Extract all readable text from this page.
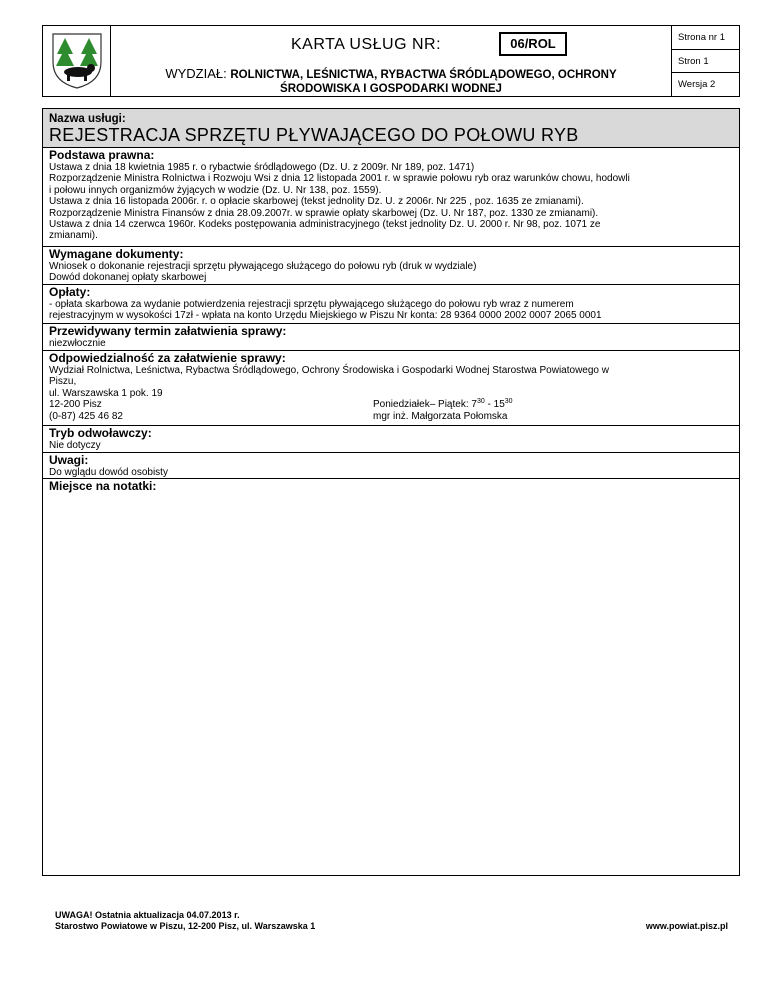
KARTA USŁUG NR:	06/ROL
WYDZIAŁ: ROLNICTWA, LEŚNICTWA, RYBACTWA ŚRÓDLĄDOWEGO, OCHRONY
ŚRODOWISKA I GOSPODARKI WODNEJ
Strona nr 1
Stron 1
Wersja 2
Nazwa usługi:
REJESTRACJA SPRZĘTU PŁYWAJĄCEGO DO POŁOWU RYB
Podstawa prawna:
Ustawa z dnia 18 kwietnia 1985 r. o rybactwie śródlądowego (Dz. U. z 2009r. Nr 189, poz. 1471)
Rozporządzenie Ministra Rolnictwa i Rozwoju Wsi z dnia 12 listopada 2001 r. w sprawie połowu ryb oraz warunków chowu, hodowli
i połowu innych organizmów żyjących w wodzie (Dz. U. Nr 138, poz. 1559).
Ustawa z dnia 16 listopada 2006r. r. o opłacie skarbowej (tekst jednolity Dz. U. z 2006r. Nr 225 , poz. 1635 ze zmianami).
Rozporządzenie Ministra Finansów z dnia 28.09.2007r. w sprawie opłaty skarbowej (Dz. U. Nr 187, poz. 1330 ze zmianami).
Ustawa z dnia 14 czerwca 1960r. Kodeks postępowania administracyjnego (tekst jednolity Dz. U. 2000 r. Nr 98, poz. 1071 ze
zmianami).
Wymagane dokumenty:
Wniosek o dokonanie rejestracji sprzętu pływającego służącego do połowu ryb (druk w wydziale)
Dowód dokonanej opłaty skarbowej
Opłaty:
- opłata skarbowa za wydanie potwierdzenia rejestracji sprzętu pływającego służącego do połowu ryb wraz z numerem
rejestracyjnym w wysokości 17zł - wpłata na konto Urzędu Miejskiego w Piszu Nr konta: 28 9364 0000 2002 0007 2065 0001
Przewidywany termin załatwienia sprawy:
niezwłocznie
Odpowiedzialność za załatwienie sprawy:
Wydział Rolnictwa, Leśnictwa, Rybactwa Śródlądowego, Ochrony Środowiska i Gospodarki Wodnej Starostwa Powiatowego w
Piszu,
ul. Warszawska 1 pok. 19
12-200 Pisz	Poniedziałek– Piątek: $7^{30} - 15^{30}$
(0-87) 425 46 82	mgr inż. Małgorzata Połomska
Tryb odwoławczy:
Nie dotyczy
Uwagi:
Do wglądu dowód osobisty
Miejsce na notatki:
UWAGA! Ostatnia aktualizacja 04.07.2013 r.
Starostwo Powiatowe w Piszu, 12-200 Pisz, ul. Warszawska 1	www.powiat.pisz.pl
